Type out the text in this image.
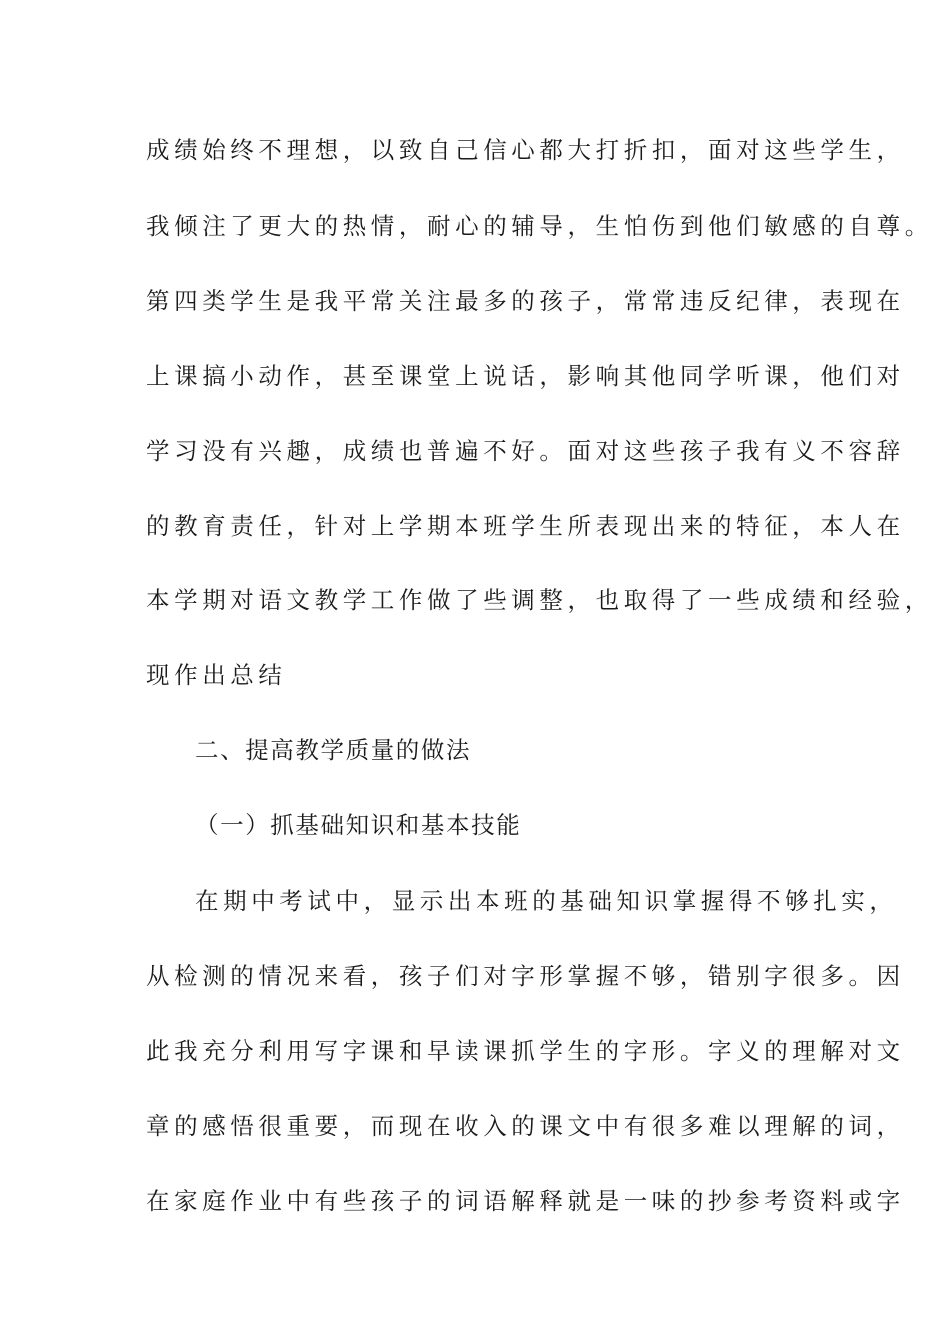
成绩始终不理想，以致自己信心都大打折扣，面对这些学生，
我倾注了更大的热情，耐心的辅导，生怕伤到他们敏感的自尊。
第四类学生是我平常关注最多的孩子，常常违反纪律，表现在
上课搞小动作，甚至课堂上说话，影响其他同学听课，他们对
学习没有兴趣，成绩也普遍不好。面对这些孩子我有义不容辞
的教育责任，针对上学期本班学生所表现出来的特征，本人在
本学期对语文教学工作做了些调整，也取得了一些成绩和经验，
现作出总结
二、提高教学质量的做法
（一）抓基础知识和基本技能
在期中考试中，显示出本班的基础知识掌握得不够扎实，
从检测的情况来看，孩子们对字形掌握不够，错别字很多。因
此我充分利用写字课和早读课抓学生的字形。字义的理解对文
章的感悟很重要，而现在收入的课文中有很多难以理解的词，
在家庭作业中有些孩子的词语解释就是一味的抄参考资料或字
